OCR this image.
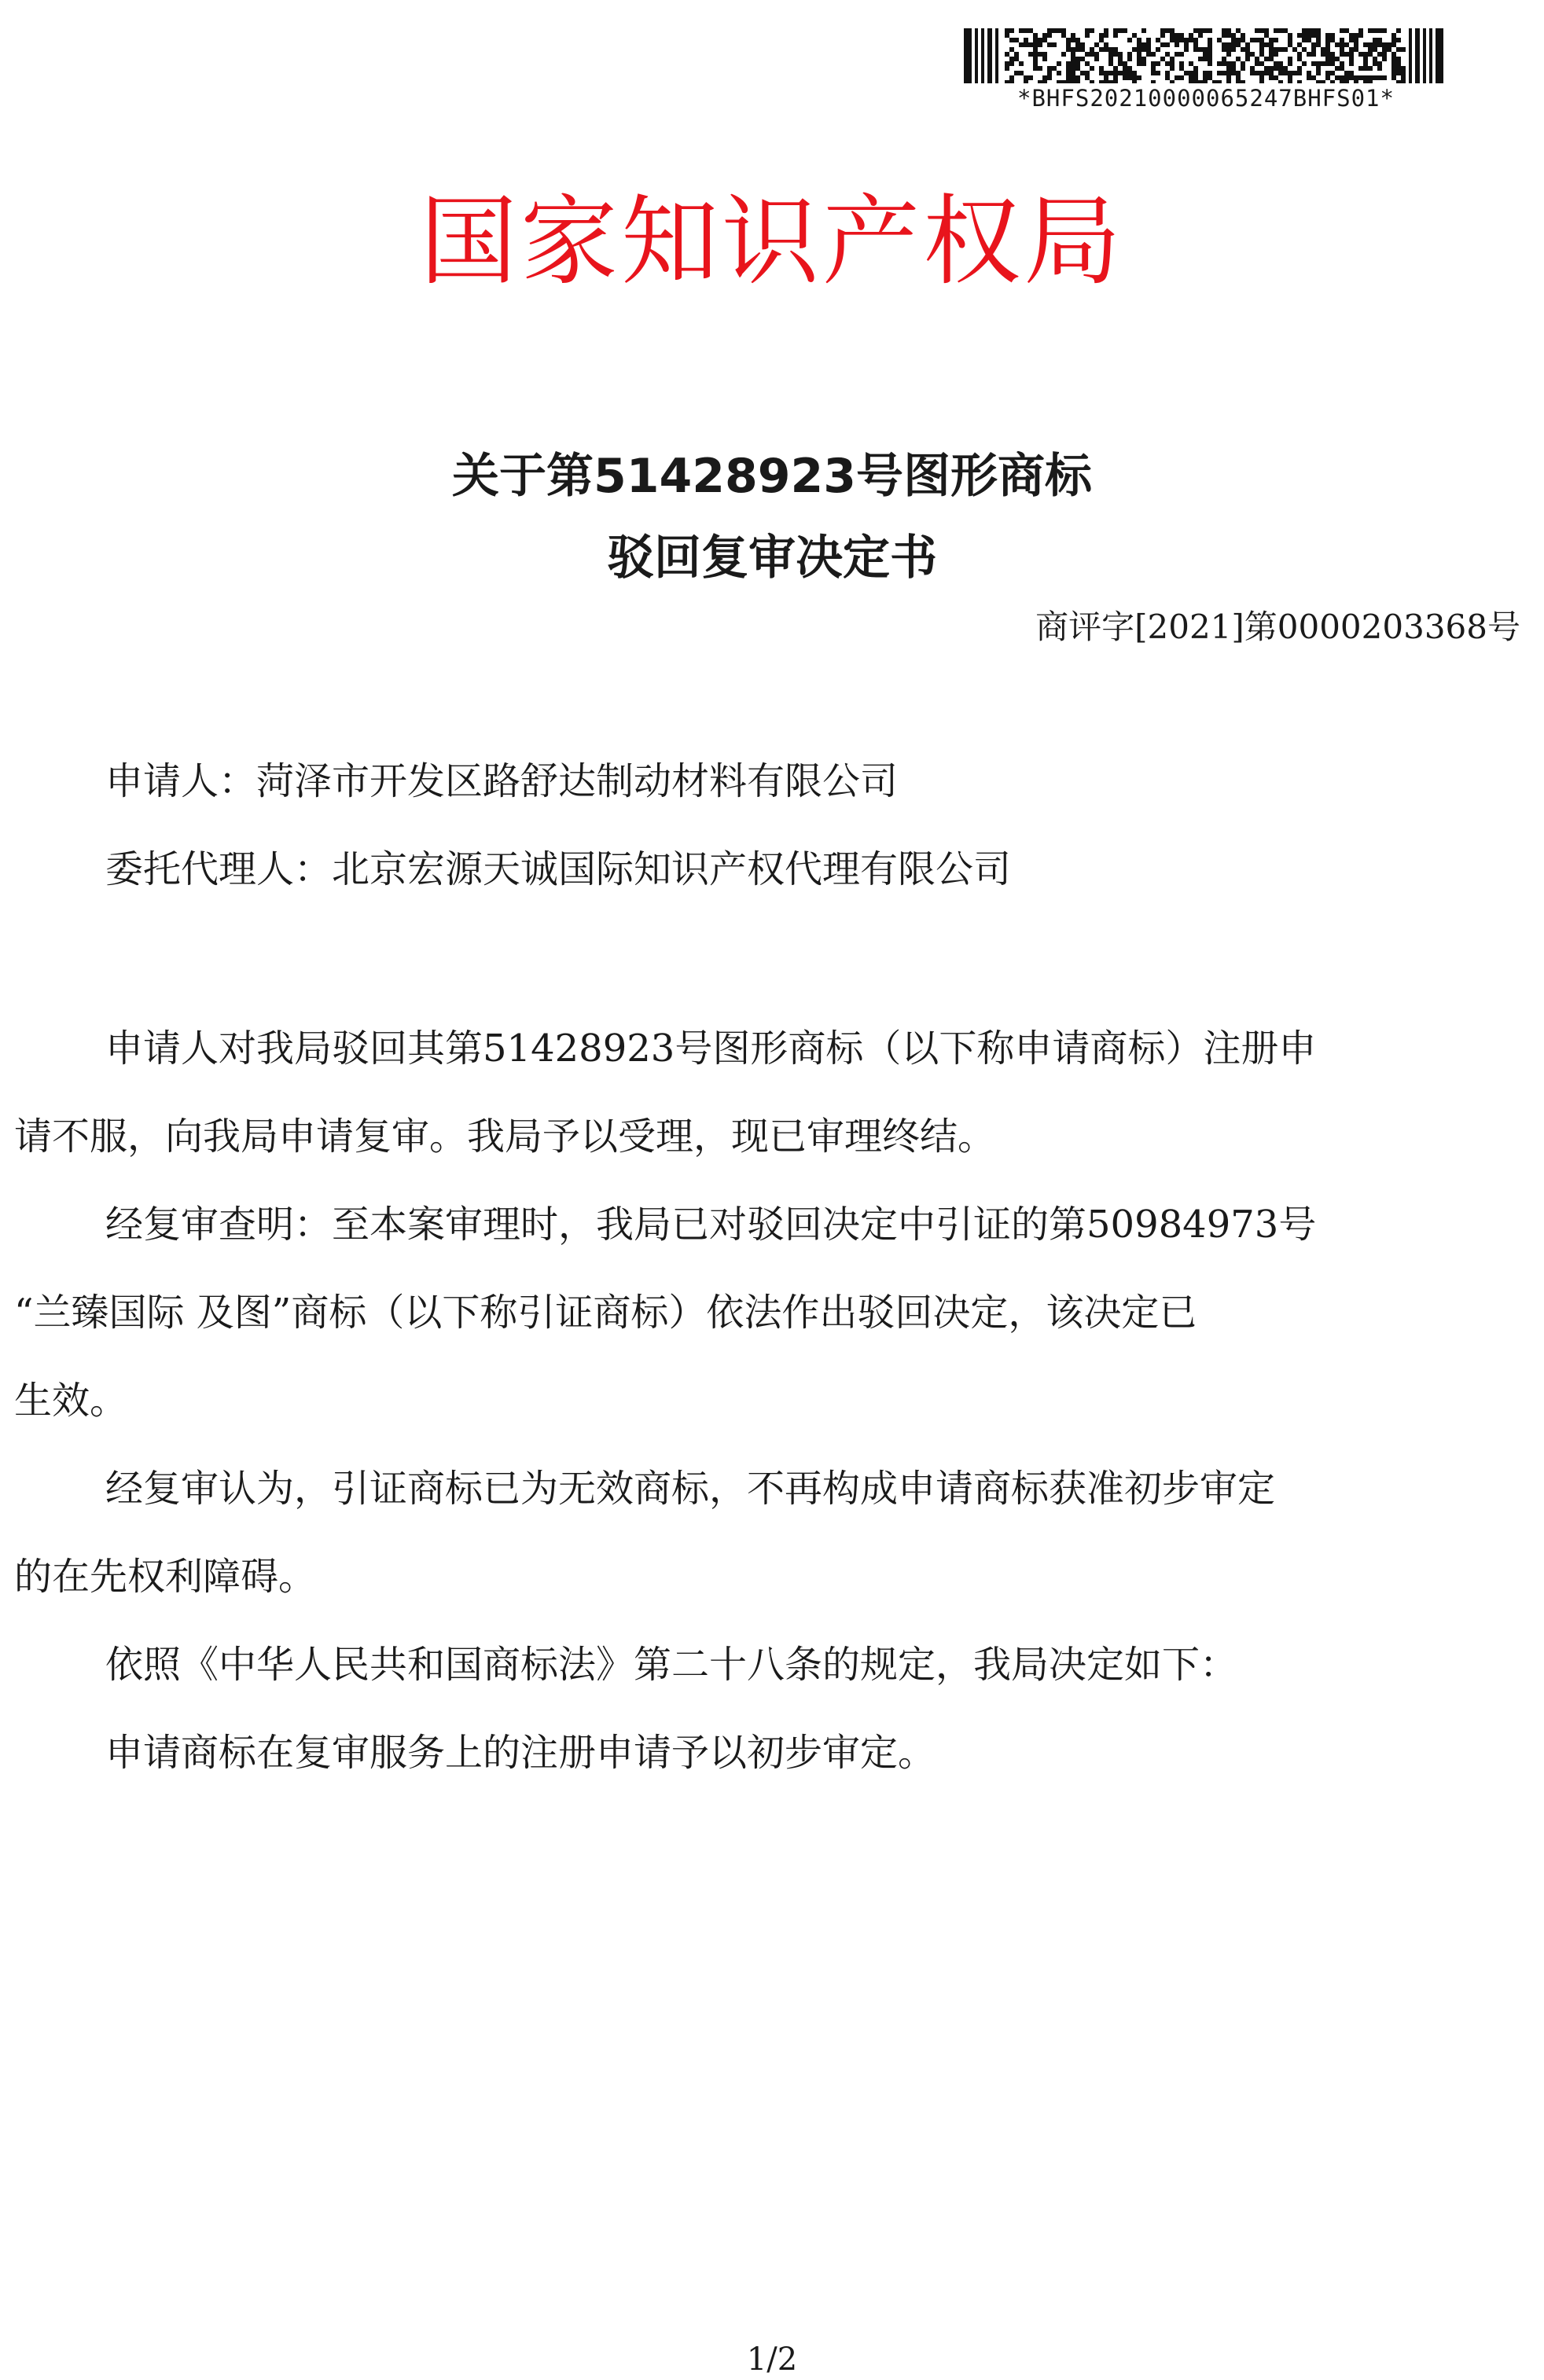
*BHFS20210000065247BHFS01*
国家知识产权局
关于第51428923号图形商标
驳回复审决定书
商评字[2021]第0000203368号
申请人：菏泽市开发区路舒达制动材料有限公司
委托代理人：北京宏源天诚国际知识产权代理有限公司
申请人对我局驳回其第51428923号图形商标（以下称申请商标）注册申
请不服，向我局申请复审。我局予以受理，现已审理终结。
经复审查明：至本案审理时，我局已对驳回决定中引证的第50984973号
“兰臻国际 及图”商标（以下称引证商标）依法作出驳回决定，该决定已
生效。
经复审认为，引证商标已为无效商标，不再构成申请商标获准初步审定
的在先权利障碍。
依照《中华人民共和国商标法》第二十八条的规定，我局决定如下：
申请商标在复审服务上的注册申请予以初步审定。
1/2
